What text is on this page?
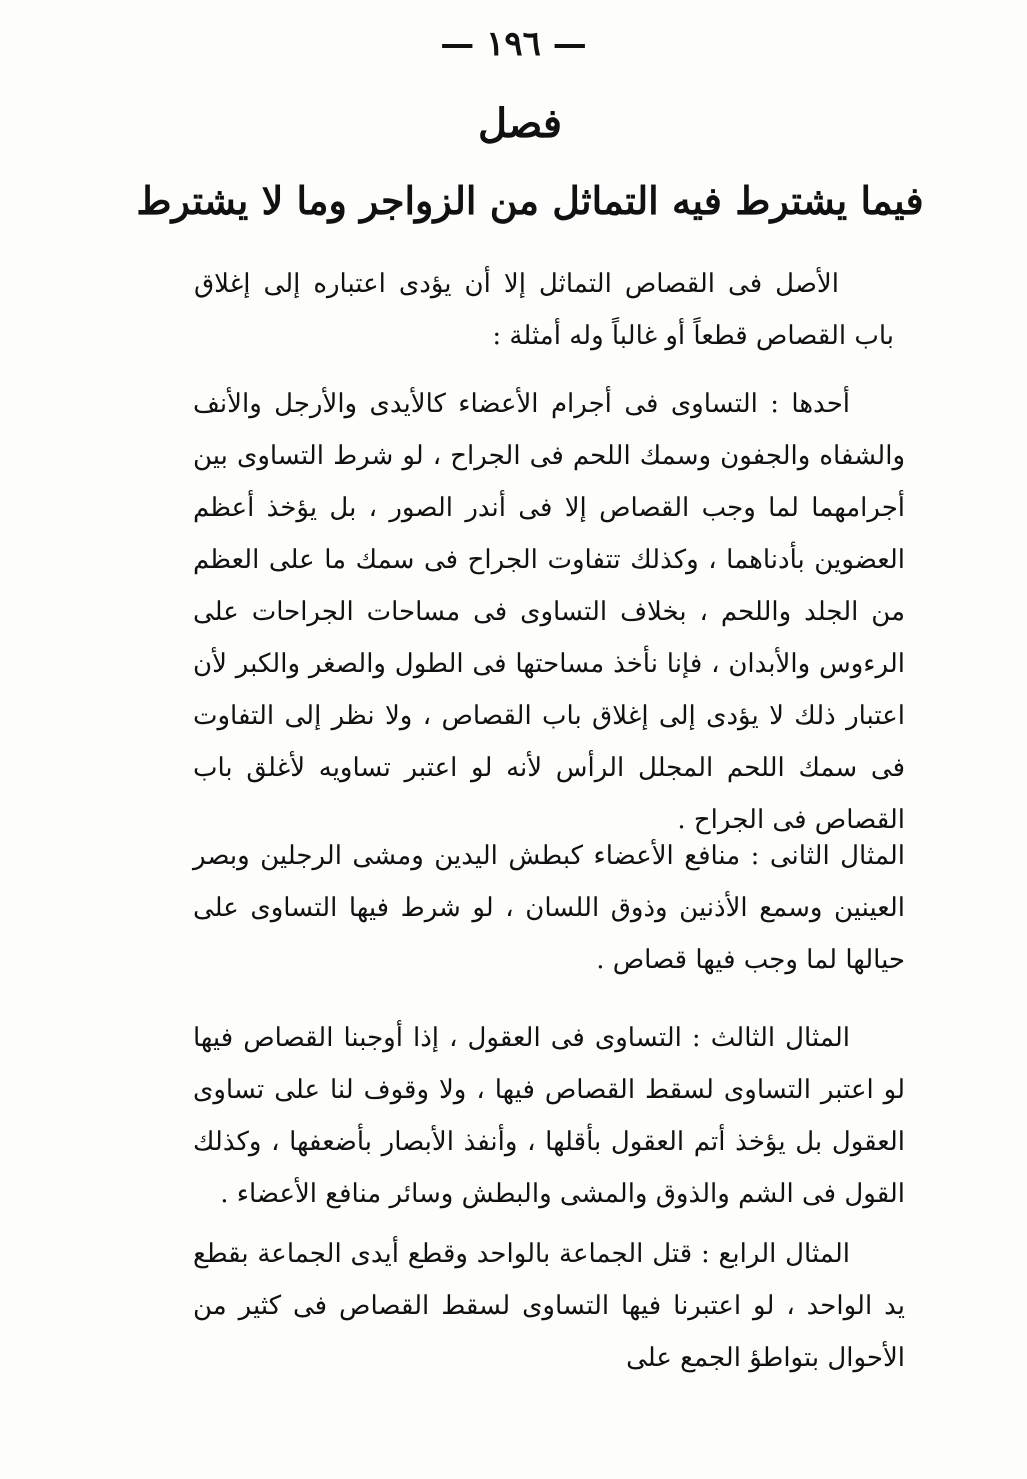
— ١٩٦ —
فصل
فيما يشترط فيه التماثل من الزواجر وما لا يشترط
الأصل فى القصاص التماثل إلا أن يؤدى اعتباره إلى إغلاق باب القصاص قطعاً أو غالباً وله أمثلة :
أحدها : التساوى فى أجرام الأعضاء كالأيدى والأرجل والأنف والشفاه والجفون وسمك اللحم فى الجراح ، لو شرط التساوى بين أجرامهما لما وجب القصاص إلا فى أندر الصور ، بل يؤخذ أعظم العضوين بأدناهما ، وكذلك تتفاوت الجراح فى سمك ما على العظم من الجلد واللحم ، بخلاف التساوى فى مساحات الجراحات على الرءوس والأبدان ، فإنا نأخذ مساحتها فى الطول والصغر والكبر لأن اعتبار ذلك لا يؤدى إلى إغلاق باب القصاص ، ولا نظر إلى التفاوت فى سمك اللحم المجلل الرأس لأنه لو اعتبر تساويه لأغلق باب القصاص فى الجراح .
المثال الثانى : منافع الأعضاء كبطش اليدين ومشى الرجلين وبصر العينين وسمع الأذنين وذوق اللسان ، لو شرط فيها التساوى على حيالها لما وجب فيها قصاص .
المثال الثالث : التساوى فى العقول ، إذا أوجبنا القصاص فيها لو اعتبر التساوى لسقط القصاص فيها ، ولا وقوف لنا على تساوى العقول بل يؤخذ أتم العقول بأقلها ، وأنفذ الأبصار بأضعفها ، وكذلك القول فى الشم والذوق والمشى والبطش وسائر منافع الأعضاء .
المثال الرابع : قتل الجماعة بالواحد وقطع أيدى الجماعة بقطع يد الواحد ، لو اعتبرنا فيها التساوى لسقط القصاص فى كثير من الأحوال بتواطؤ الجمع على
